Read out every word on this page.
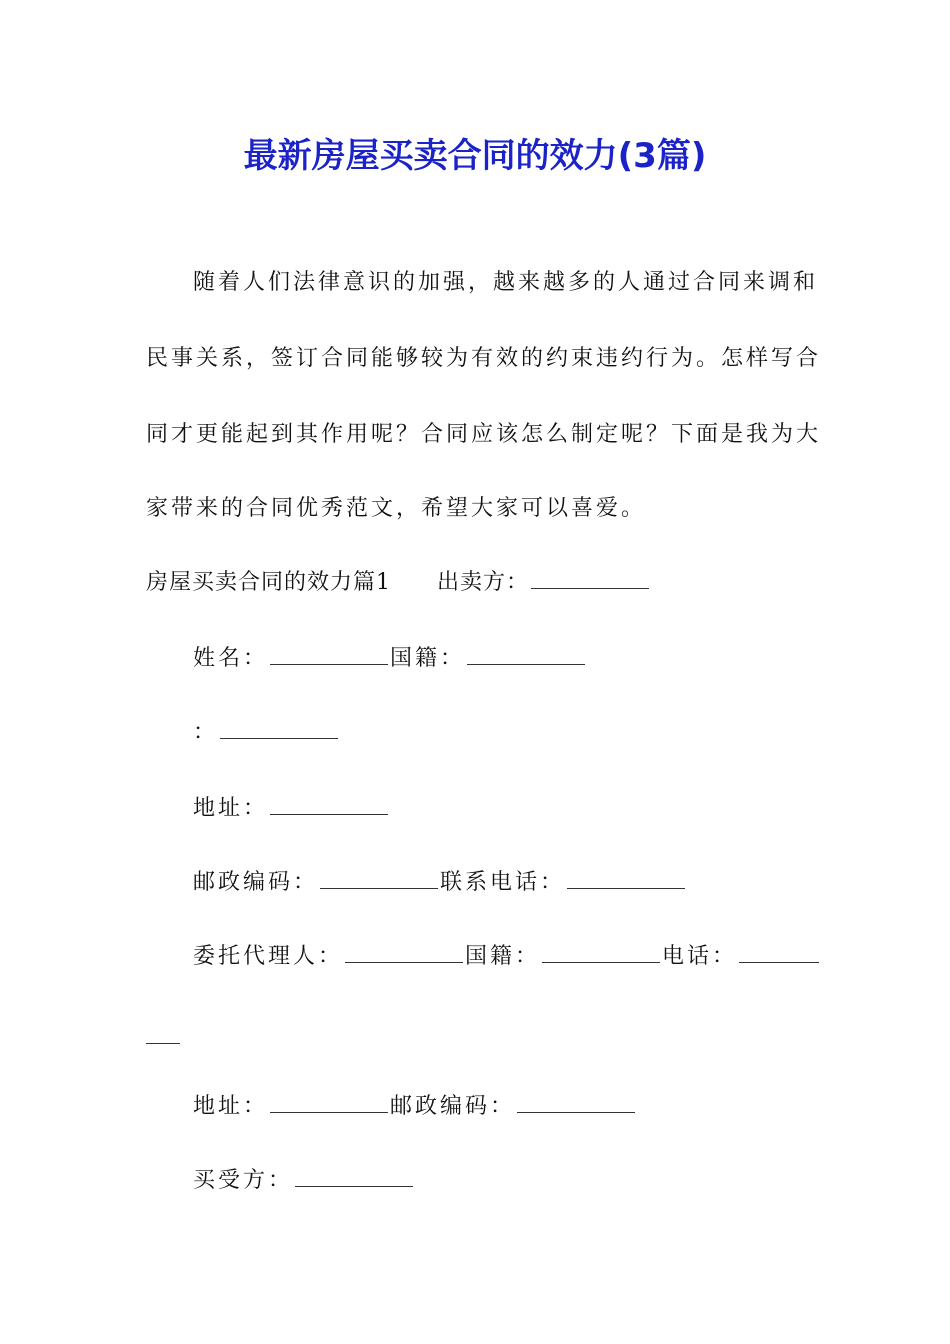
最新房屋买卖合同的效力(3篇)
随着人们法律意识的加强，越来越多的人通过合同来调和
民事关系，签订合同能够较为有效的约束违约行为。怎样写合
同才更能起到其作用呢？合同应该怎么制定呢？下面是我为大
家带来的合同优秀范文，希望大家可以喜爱。
房屋买卖合同的效力篇1 出卖方：
姓名：	国籍：
：
地址：
邮政编码：	联系电话：
委托代理人：	国籍：	电话：
地址：	邮政编码：
买受方：
